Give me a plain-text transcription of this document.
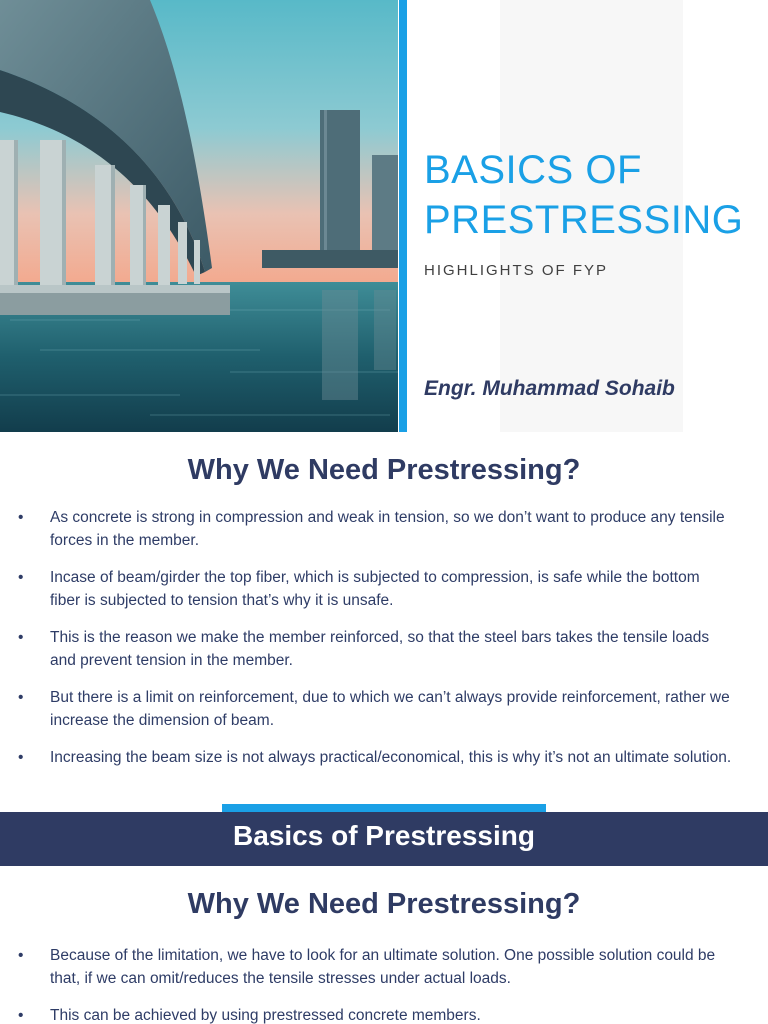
BASICS OF
PRESTRESSING

HIGHLIGHTS OF FYP

Engr. Muhammad Sohaib

Why We Need Prestressing?
• As concrete is strong in compression and weak in tension, so we don’t want to produce any tensile forces in the member.
• Incase of beam/girder the top fiber, which is subjected to compression, is safe while the bottom fiber is subjected to tension that’s why it is unsafe.
• This is the reason we make the member reinforced, so that the steel bars takes the tensile loads and prevent tension in the member.
• But there is a limit on reinforcement, due to which we can’t always provide reinforcement, rather we increase the dimension of beam.
• Increasing the beam size is not always practical/economical, this is why it’s not an ultimate solution.
Basics of Prestressing
Why We Need Prestressing?
• Because of the limitation, we have to look for an ultimate solution. One possible solution could be that, if we can omit/reduces the tensile stresses under actual loads.
• This can be achieved by using prestressed concrete members.
